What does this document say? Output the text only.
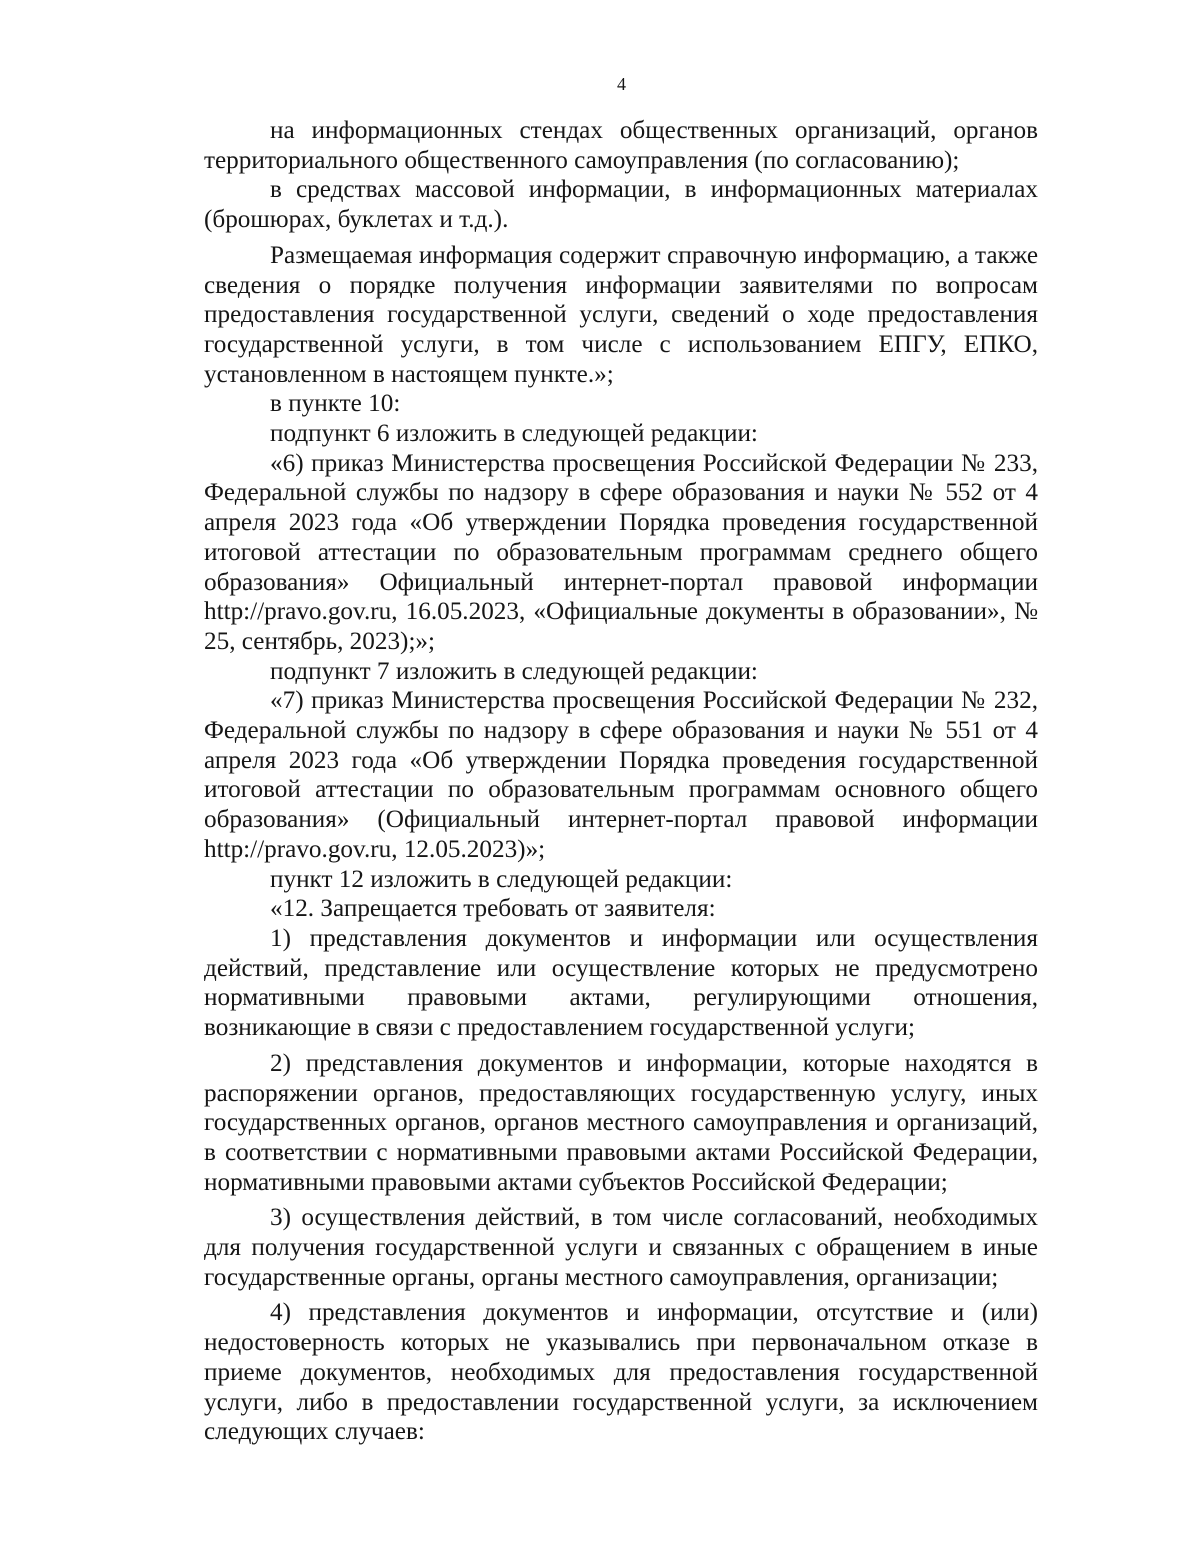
4

на информационных стендах общественных организаций, органов территориального общественного самоуправления (по согласованию);

в средствах массовой информации, в информационных материалах (брошюрах, буклетах и т.д.).

Размещаемая информация содержит справочную информацию, а также сведения о порядке получения информации заявителями по вопросам предоставления государственной услуги, сведений о ходе предоставления государственной услуги, в том числе с использованием ЕПГУ, ЕПКО, установленном в настоящем пункте.»;

в пункте 10:

подпункт 6 изложить в следующей редакции:

«6) приказ Министерства просвещения Российской Федерации № 233, Федеральной службы по надзору в сфере образования и науки № 552 от 4 апреля 2023 года «Об утверждении Порядка проведения государственной итоговой аттестации по образовательным программам среднего общего образования» Официальный интернет-портал правовой информации http://pravo.gov.ru, 16.05.2023, «Официальные документы в образовании», № 25, сентябрь, 2023);»;

подпункт 7 изложить в следующей редакции:

«7) приказ Министерства просвещения Российской Федерации № 232, Федеральной службы по надзору в сфере образования и науки № 551 от 4 апреля 2023 года «Об утверждении Порядка проведения государственной итоговой аттестации по образовательным программам основного общего образования» (Официальный интернет-портал правовой информации http://pravo.gov.ru, 12.05.2023)»;

пункт 12 изложить в следующей редакции:

«12. Запрещается требовать от заявителя:

1) представления документов и информации или осуществления действий, представление или осуществление которых не предусмотрено нормативными правовыми актами, регулирующими отношения, возникающие в связи с предоставлением государственной услуги;

2) представления документов и информации, которые находятся в распоряжении органов, предоставляющих государственную услугу, иных государственных органов, органов местного самоуправления и организаций, в соответствии с нормативными правовыми актами Российской Федерации, нормативными правовыми актами субъектов Российской Федерации;

3) осуществления действий, в том числе согласований, необходимых для получения государственной услуги и связанных с обращением в иные государственные органы, органы местного самоуправления, организации;

4) представления документов и информации, отсутствие и (или) недостоверность которых не указывались при первоначальном отказе в приеме документов, необходимых для предоставления государственной услуги, либо в предоставлении государственной услуги, за исключением следующих случаев:
